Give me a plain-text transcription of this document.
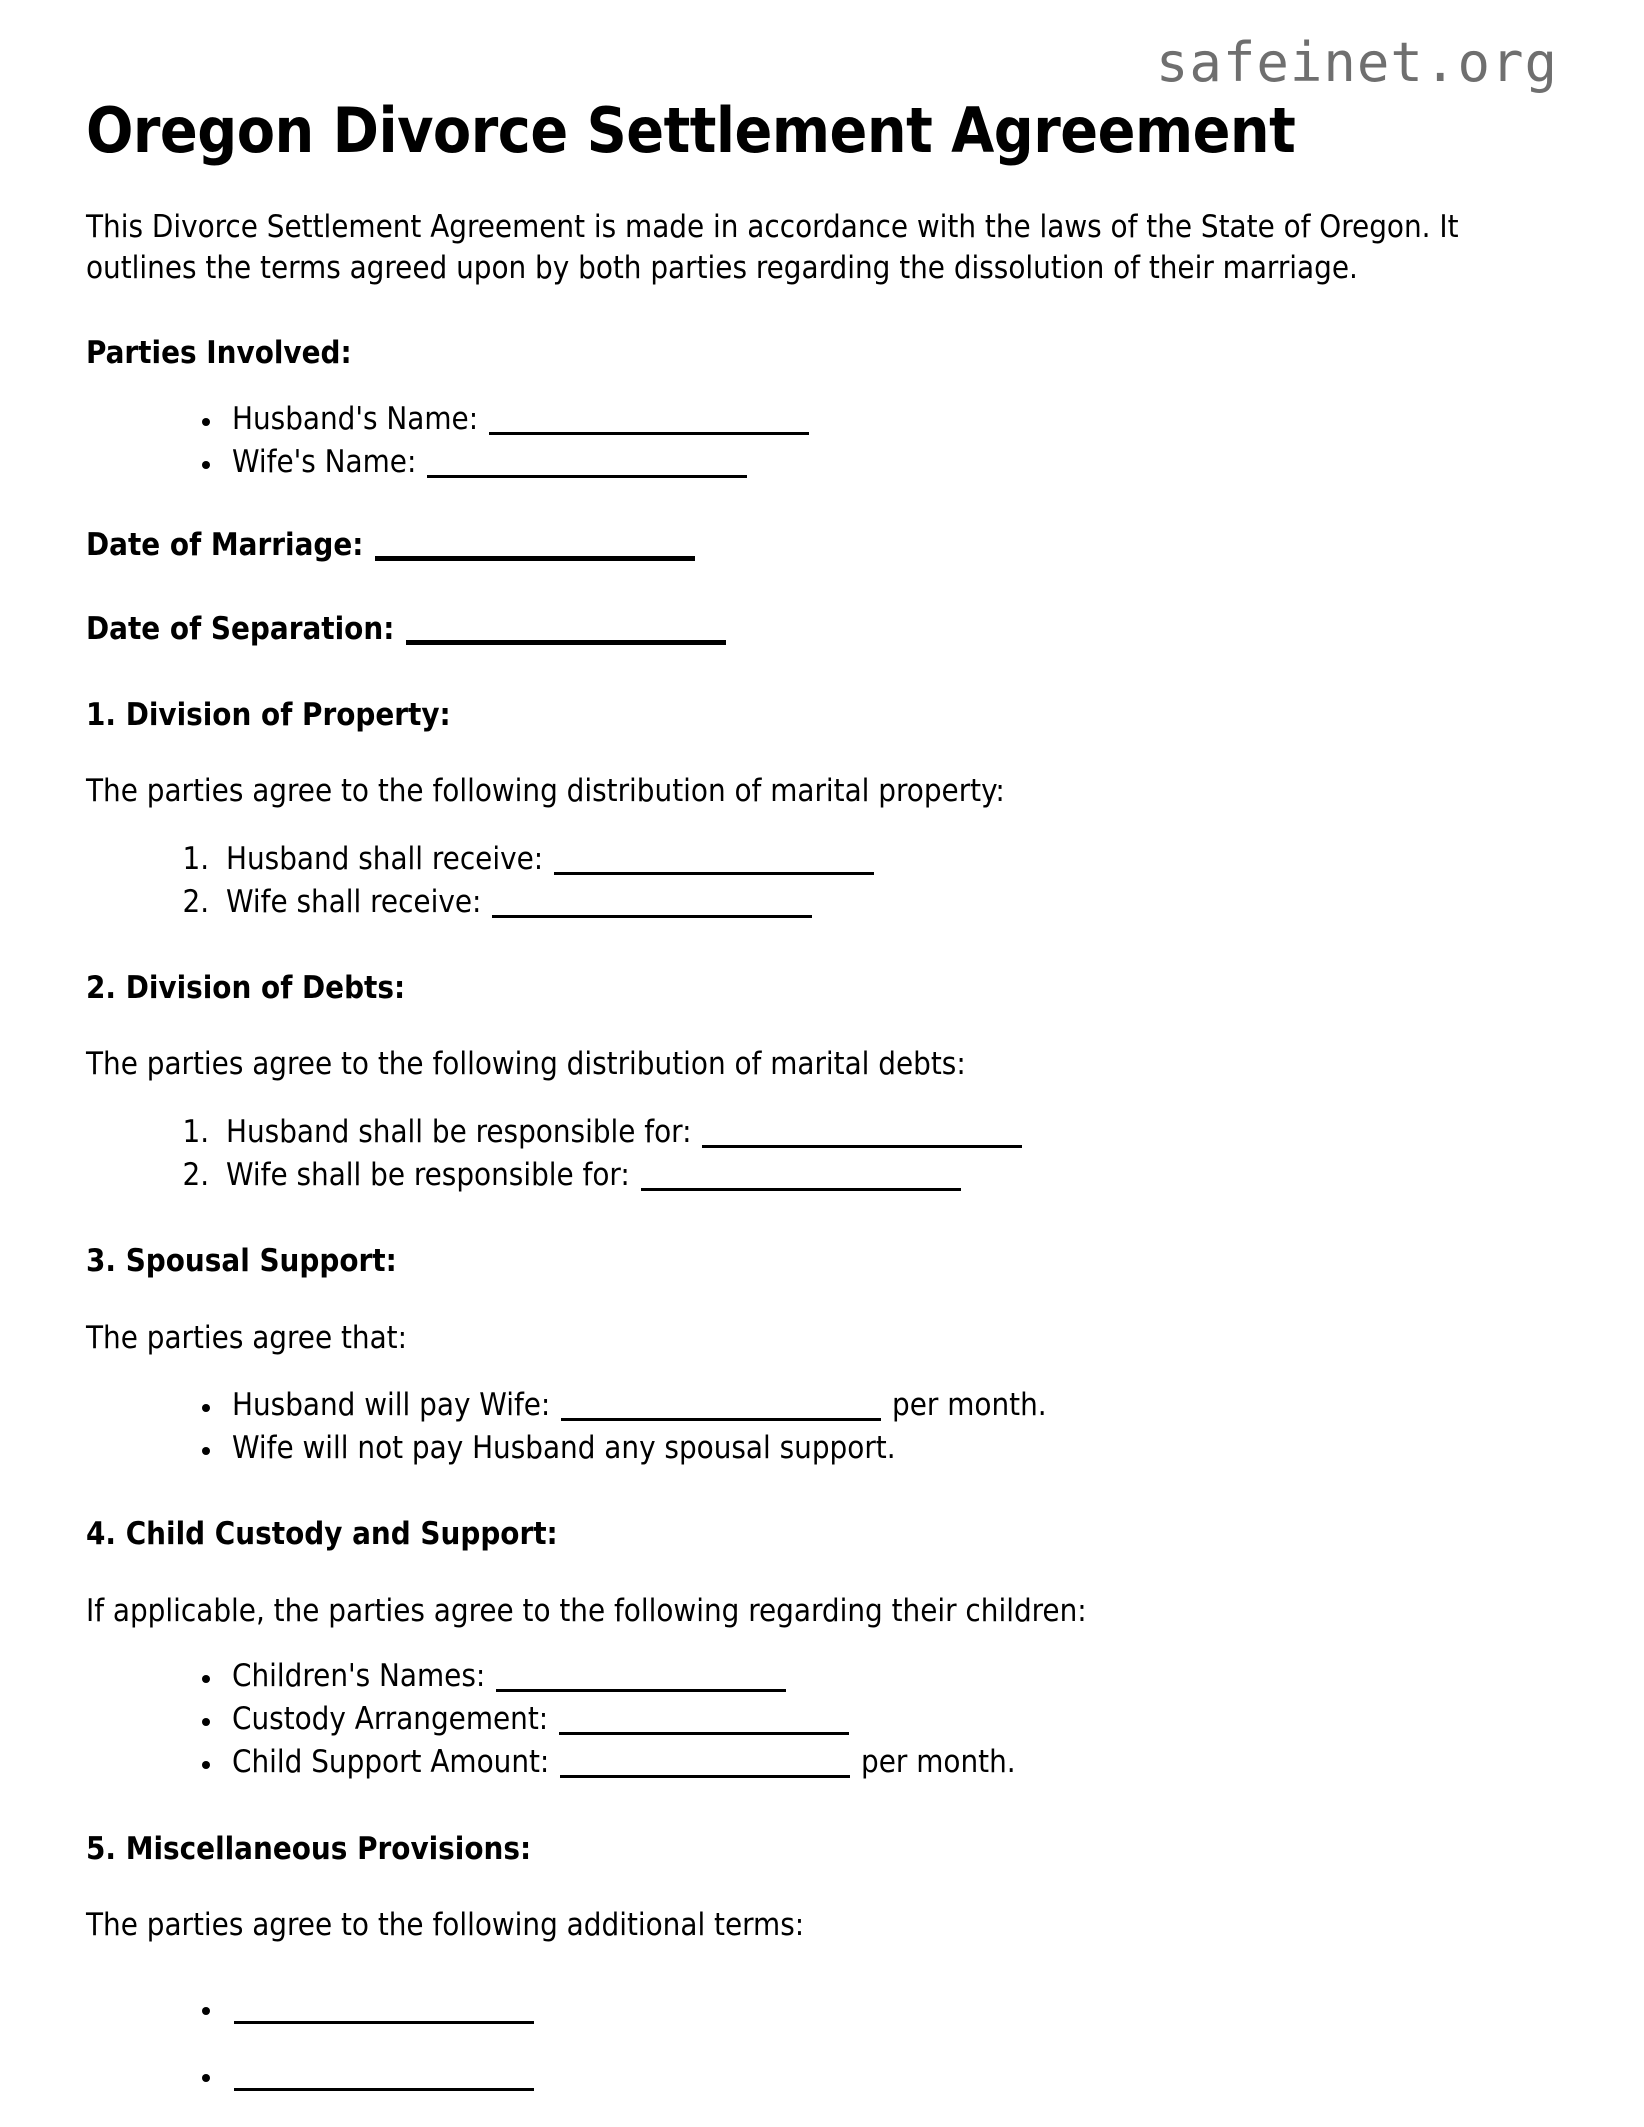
safeinet.org
Oregon Divorce Settlement Agreement

This Divorce Settlement Agreement is made in accordance with the laws of the State of Oregon. It outlines the terms agreed upon by both parties regarding the dissolution of their marriage.

Parties Involved:

• Husband's Name:
• Wife's Name:

Date of Marriage:

Date of Separation:

1. Division of Property:

The parties agree to the following distribution of marital property:

1. Husband shall receive:
2. Wife shall receive:

2. Division of Debts:

The parties agree to the following distribution of marital debts:

1. Husband shall be responsible for:
2. Wife shall be responsible for:

3. Spousal Support:

The parties agree that:

• Husband will pay Wife:	per month.
• Wife will not pay Husband any spousal support.

4. Child Custody and Support:

If applicable, the parties agree to the following regarding their children:

• Children's Names:
• Custody Arrangement:
• Child Support Amount:	per month.

5. Miscellaneous Provisions:

The parties agree to the following additional terms:

•
•
